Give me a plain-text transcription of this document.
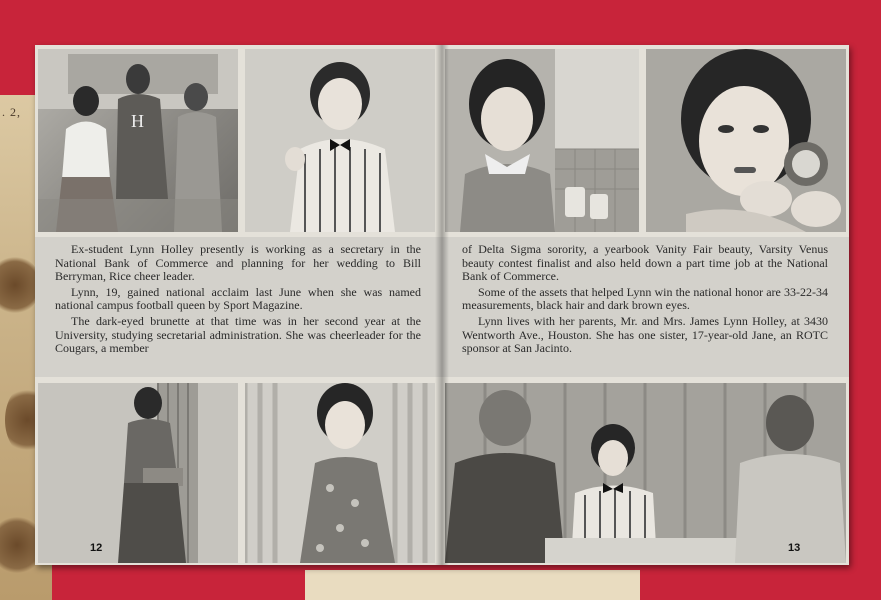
. 2,	H

Ex-student Lynn Holley presently is working as a secretary in the National Bank of Commerce and planning for her wedding to Bill Berryman, Rice cheer leader.

Lynn, 19, gained national acclaim last June when she was named national campus football queen by Sport Magazine.

The dark-eyed brunette at that time was in her second year at the University, studying secretarial administration. She was cheerleader for the Cougars, a member

of Delta Sigma sorority, a yearbook Vanity Fair beauty, Varsity Venus beauty contest finalist and also held down a part time job at the National Bank of Commerce.

Some of the assets that helped Lynn win the national honor are 33-22-34 measurements, black hair and dark brown eyes.

Lynn lives with her parents, Mr. and Mrs. James Lynn Holley, at 3430 Wentworth Ave., Houston. She has one sister, 17-year-old Jane, an ROTC sponsor at San Jacinto.

12	13
